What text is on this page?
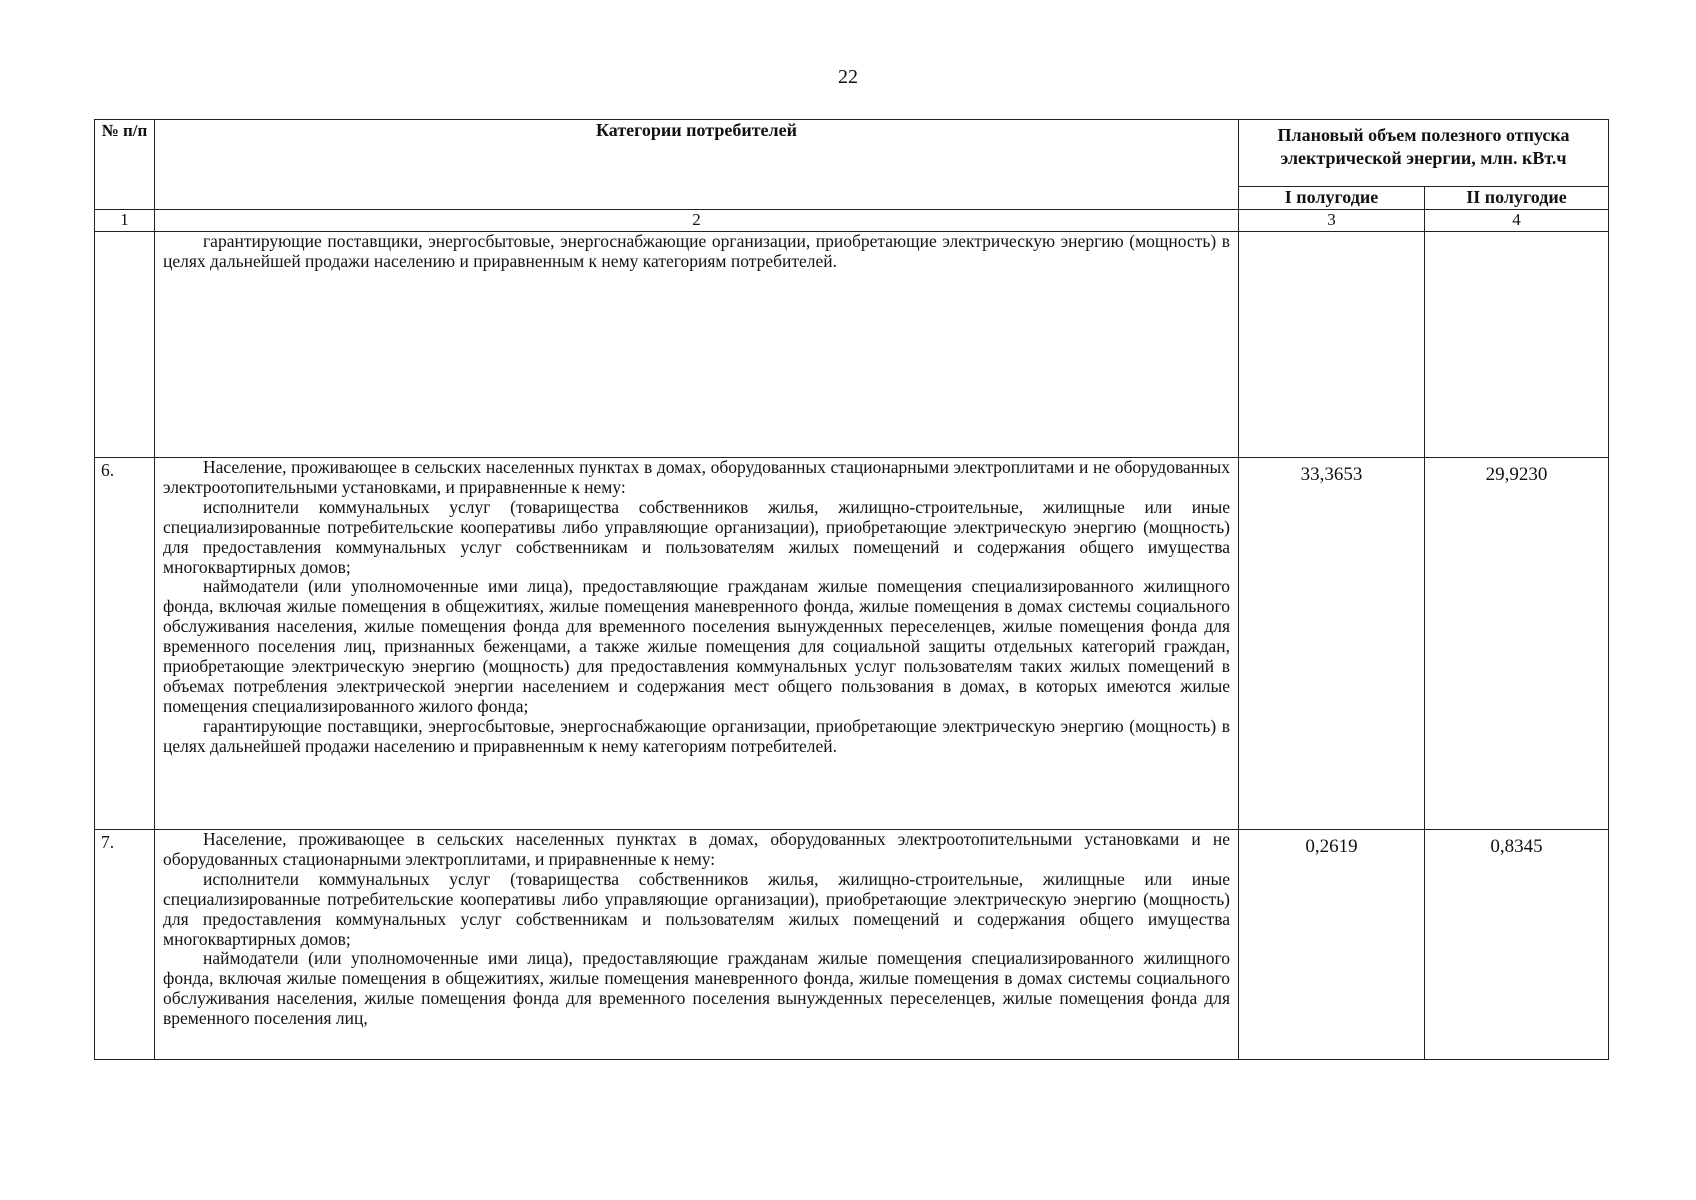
22
№ п/п	Категории потребителей	Плановый объем полезного отпуска электрической энергии, млн. кВт.ч	
		I полугодие	II полугодие
1	2	3	4

	гарантирующие поставщики, энергосбытовые, энергоснабжающие организации, приобретающие электрическую энергию (мощность) в целях дальнейшей продажи населению и приравненным к нему категориям потребителей.		

6.	Население, проживающее в сельских населенных пунктах в домах, оборудованных стационарными электроплитами и не оборудованных электроотопительными установками, и приравненные к нему:

исполнители коммунальных услуг (товарищества собственников жилья, жилищно-строительные, жилищные или иные специализированные потребительские кооперативы либо управляющие организации), приобретающие электрическую энергию (мощность) для предоставления коммунальных услуг собственникам и пользователям жилых помещений и содержания общего имущества многоквартирных домов;

наймодатели (или уполномоченные ими лица), предоставляющие гражданам жилые помещения специализированного жилищного фонда, включая жилые помещения в общежитиях, жилые помещения маневренного фонда, жилые помещения в домах системы социального обслуживания населения, жилые помещения фонда для временного поселения вынужденных переселенцев, жилые помещения фонда для временного поселения лиц, признанных беженцами, а также жилые помещения для социальной защиты отдельных категорий граждан, приобретающие электрическую энергию (мощность) для предоставления коммунальных услуг пользователям таких жилых помещений в объемах потребления электрической энергии населением и содержания мест общего пользования в домах, в которых имеются жилые помещения специализированного жилого фонда;

гарантирующие поставщики, энергосбытовые, энергоснабжающие организации, приобретающие электрическую энергию (мощность) в целях дальнейшей продажи населению и приравненным к нему категориям потребителей.	33,3653	29,9230
7.	Население, проживающее в сельских населенных пунктах в домах, оборудованных электроотопительными установками и не оборудованных стационарными электроплитами, и приравненные к нему:

исполнители коммунальных услуг (товарищества собственников жилья, жилищно-строительные, жилищные или иные специализированные потребительские кооперативы либо управляющие организации), приобретающие электрическую энергию (мощность) для предоставления коммунальных услуг собственникам и пользователям жилых помещений и содержания общего имущества многоквартирных домов;

наймодатели (или уполномоченные ими лица), предоставляющие гражданам жилые помещения специализированного жилищного фонда, включая жилые помещения в общежитиях, жилые помещения маневренного фонда, жилые помещения в домах системы социального обслуживания населения, жилые помещения фонда для временного поселения вынужденных переселенцев, жилые помещения фонда для временного поселения лиц,	0,2619	0,8345
